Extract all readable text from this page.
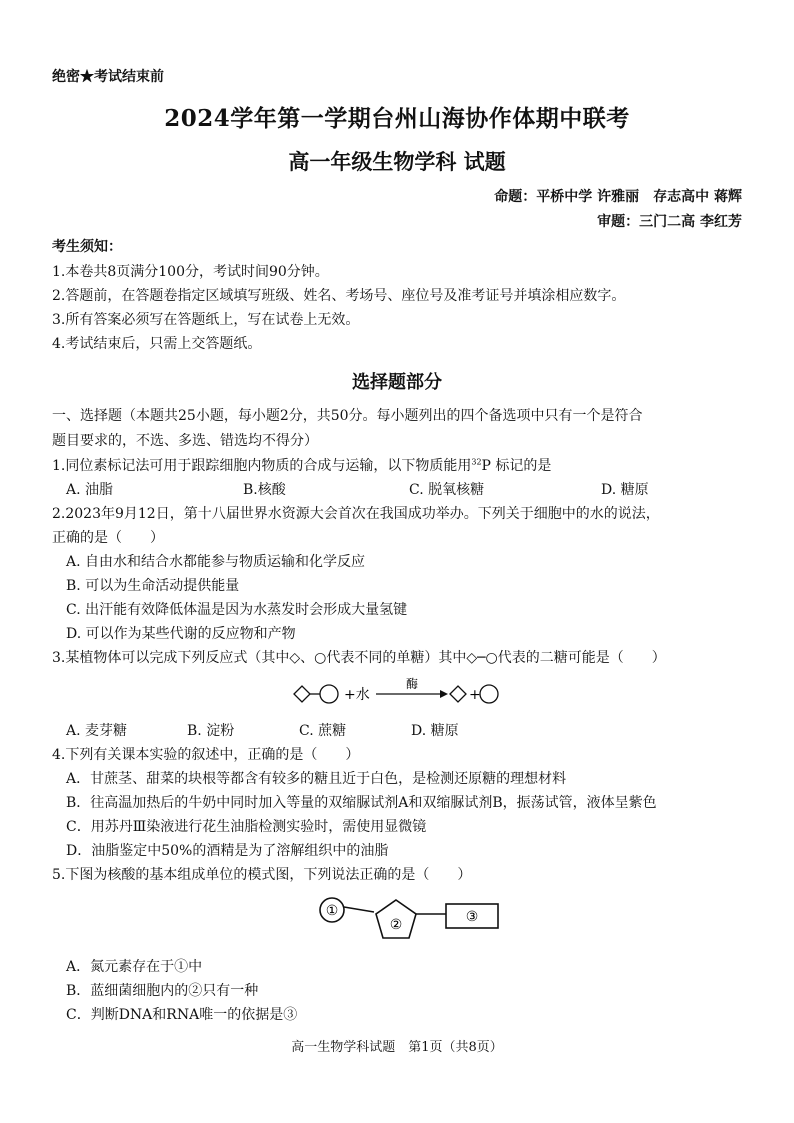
绝密★考试结束前
2024学年第一学期台州山海协作体期中联考
高一年级生物学科 试题
命题：平桥中学 许雅丽　存志高中 蒋辉
审题：三门二高 李红芳
考生须知：
1.本卷共8页满分100分，考试时间90分钟。
2.答题前，在答题卷指定区域填写班级、姓名、考场号、座位号及准考证号并填涂相应数字。
3.所有答案必须写在答题纸上，写在试卷上无效。
4.考试结束后，只需上交答题纸。
选择题部分
一、选择题（本题共25小题，每小题2分，共50分。每小题列出的四个备选项中只有一个是符合
题目要求的，不选、多选、错选均不得分）
1.同位素标记法可用于跟踪细胞内物质的合成与运输，以下物质能用$^{32}$P 标记的是
A. 油脂	B.核酸	C. 脱氧核糖	D. 糖原
2.2023年9月12日，第十八届世界水资源大会首次在我国成功举办。下列关于细胞中的水的说法，
正确的是（　　）
A. 自由水和结合水都能参与物质运输和化学反应
B. 可以为生命活动提供能量
C. 出汗能有效降低体温是因为水蒸发时会形成大量氢键
D. 可以作为某些代谢的反应物和产物
3.某植物体可以完成下列反应式（其中◇、○代表不同的单糖）其中◇─○代表的二糖可能是（　　）
+水
酶
+
A. 麦芽糖	B. 淀粉	C. 蔗糖	D. 糖原
4.下列有关课本实验的叙述中，正确的是（　　）
A．甘蔗茎、甜菜的块根等都含有较多的糖且近于白色，是检测还原糖的理想材料
B．往高温加热后的牛奶中同时加入等量的双缩脲试剂A和双缩脲试剂B，振荡试管，液体呈紫色
C．用苏丹Ⅲ染液进行花生油脂检测实验时，需使用显微镜
D．油脂鉴定中50%的酒精是为了溶解组织中的油脂
5.下图为核酸的基本组成单位的模式图，下列说法正确的是（　　）
①
②	③
A．氮元素存在于①中
B．蓝细菌细胞内的②只有一种
C．判断DNA和RNA唯一的依据是③
高一生物学科试题　第1页（共8页）
